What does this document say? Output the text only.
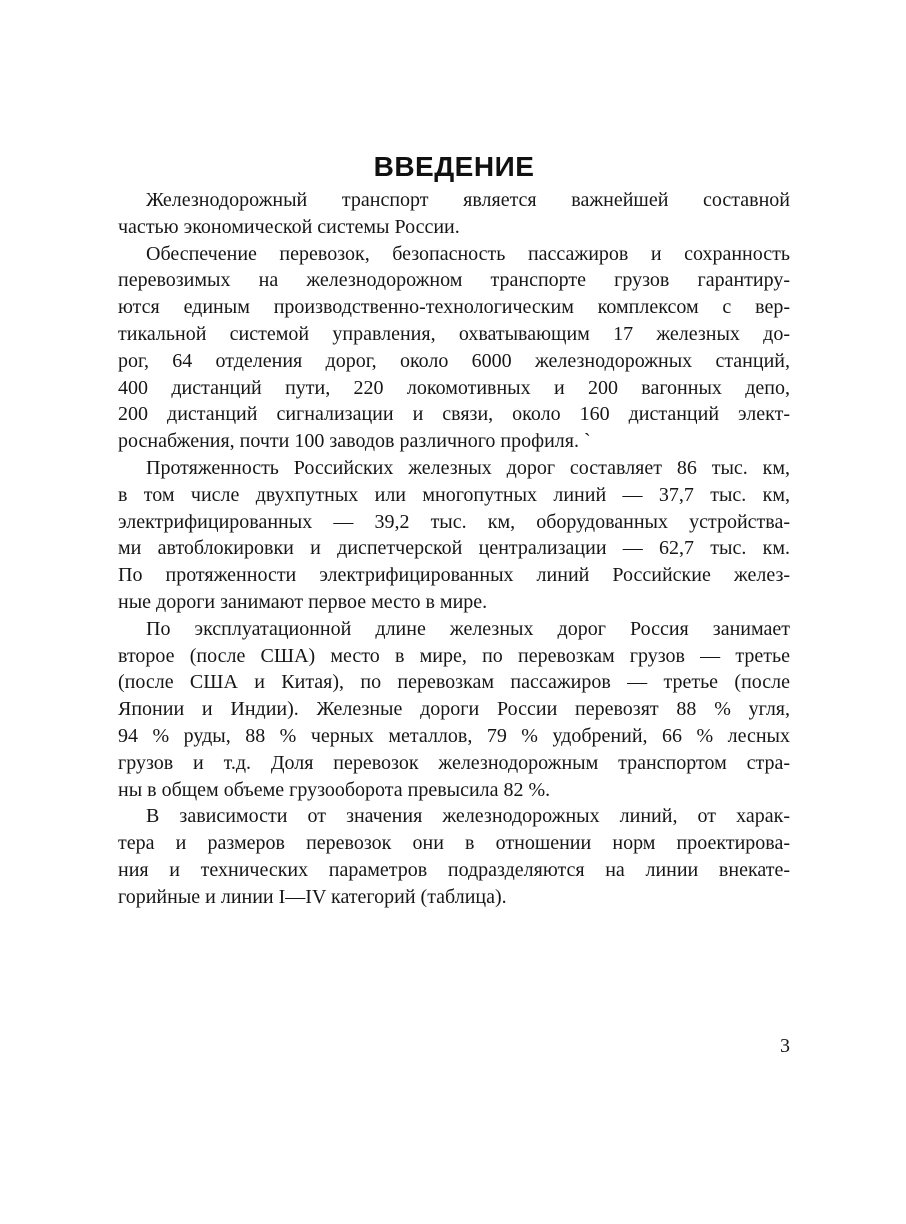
ВВЕДЕНИЕ

Железнодорожный транспорт является важнейшей составной
частью экономической системы России.

Обеспечение перевозок, безопасность пассажиров и сохранность
перевозимых на железнодорожном транспорте грузов гарантиру-
ются единым производственно-технологическим комплексом с вер-
тикальной системой управления, охватывающим 17 железных до-
рог, 64 отделения дорог, около 6000 железнодорожных станций,
400 дистанций пути, 220 локомотивных и 200 вагонных депо,
200 дистанций сигнализации и связи, около 160 дистанций элект-
роснабжения, почти 100 заводов различного профиля. `

Протяженность Российских железных дорог составляет 86 тыс. км,
в том числе двухпутных или многопутных линий — 37,7 тыс. км,
электрифицированных — 39,2 тыс. км, оборудованных устройства-
ми автоблокировки и диспетчерской централизации — 62,7 тыс. км.
По протяженности электрифицированных линий Российские желез-
ные дороги занимают первое место в мире.

По эксплуатационной длине железных дорог Россия занимает
второе (после США) место в мире, по перевозкам грузов — третье
(после США и Китая), по перевозкам пассажиров — третье (после
Японии и Индии). Железные дороги России перевозят 88 % угля,
94 % руды, 88 % черных металлов, 79 % удобрений, 66 % лесных
грузов и т.д. Доля перевозок железнодорожным транспортом стра-
ны в общем объеме грузооборота превысила 82 %.

В зависимости от значения железнодорожных линий, от харак-
тера и размеров перевозок они в отношении норм проектирова-
ния и технических параметров подразделяются на линии внекате-
горийные и линии I—IV категорий (таблица).

3
